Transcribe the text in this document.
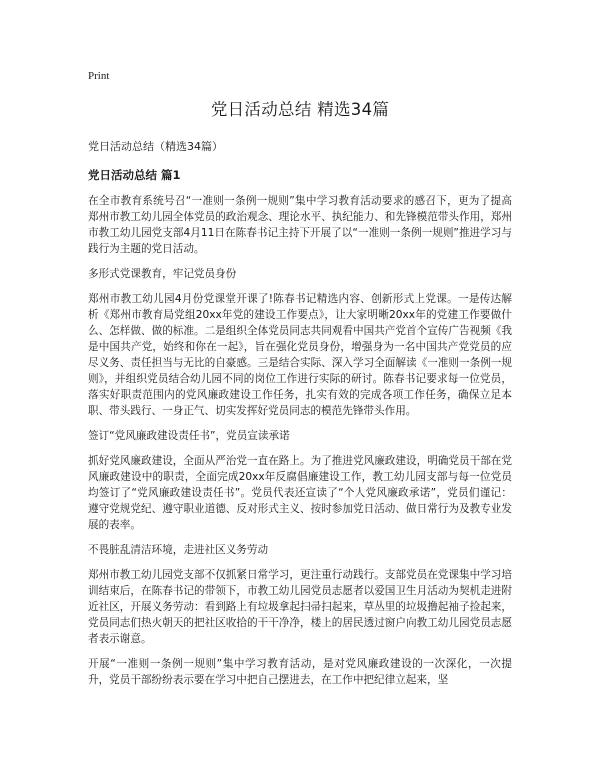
Print
党日活动总结 精选34篇
党日活动总结（精选34篇）
党日活动总结 篇1

在全市教育系统号召“一准则一条例一规则”集中学习教育活动要求的感召下，更为了提高郑州市教工幼儿园全体党员的政治观念、理论水平、执纪能力、和先锋模范带头作用，郑州市教工幼儿园党支部4月11日在陈春书记主持下开展了以“一准则一条例一规则”推进学习与践行为主题的党日活动。

多形式党课教育，牢记党员身份

郑州市教工幼儿园4月份党课堂开课了!陈春书记精选内容、创新形式上党课。一是传达解析《郑州市教育局党组20xx年党的建设工作要点》，让大家明晰20xx年的党建工作要做什么、怎样做、做的标准。二是组织全体党员同志共同观看中国共产党首个宣传广告视频《我是中国共产党，始终和你在一起》，旨在强化党员身份，增强身为一名中国共产党党员的应尽义务、责任担当与无比的自豪感。三是结合实际、深入学习全面解读《一准则一条例一规则》，并组织党员结合幼儿园不同的岗位工作进行实际的研讨。陈春书记要求每一位党员，落实好职责范围内的党风廉政建设工作任务，扎实有效的完成各项工作任务，确保立足本职、带头践行、一身正气、切实发挥好党员同志的模范先锋带头作用。

签订“党风廉政建设责任书”，党员宣读承诺

抓好党风廉政建设，全面从严治党一直在路上。为了推进党风廉政建设，明确党员干部在党风廉政建设中的职责，全面完成20xx年反腐倡廉建设工作，教工幼儿园支部与每一位党员均签订了“党风廉政建设责任书”。党员代表还宣读了“个人党风廉政承诺”，党员们谨记：遵守党规党纪、遵守职业道德、反对形式主义、按时参加党日活动、做日常行为及教专业发展的表率。

不畏脏乱清洁环境，走进社区义务劳动

郑州市教工幼儿园党支部不仅抓紧日常学习，更注重行动践行。支部党员在党课集中学习培训结束后，在陈春书记的带领下，市教工幼儿园党员志愿者以爱国卫生月活动为契机走进附近社区，开展义务劳动：看到路上有垃圾拿起扫帚扫起来，草丛里的垃圾撸起袖子捡起来，党员同志们热火朝天的把社区收拾的干干净净，楼上的居民透过窗户向教工幼儿园党员志愿者表示谢意。

开展“一准则一条例一规则”集中学习教育活动，是对党风廉政建设的一次深化，一次提升，党员干部纷纷表示要在学习中把自己摆进去，在工作中把纪律立起来，坚
